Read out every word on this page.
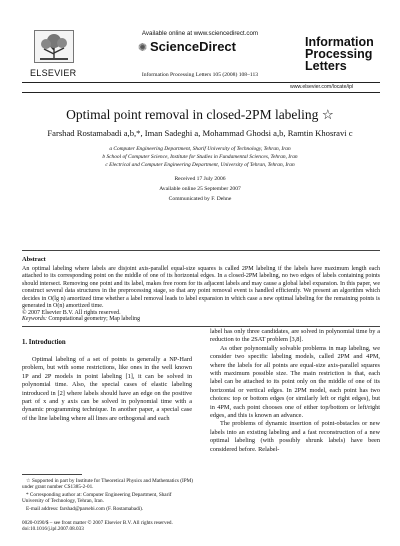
ELSEVIER
Available online at www.sciencedirect.com
✺ ScienceDirect
Information Processing Letters 105 (2008) 108–113
Information
Processing
Letters
www.elsevier.com/locate/ipl
Optimal point removal in closed-2PM labeling ☆
Farshad Rostamabadi a,b,*, Iman Sadeghi a, Mohammad Ghodsi a,b, Ramtin Khosravi c
a Computer Engineering Department, Sharif University of Technology, Tehran, Iran
b School of Computer Science, Institute for Studies in Fundamental Sciences, Tehran, Iran
c Electrical and Computer Engineering Department, University of Tehran, Tehran, Iran
Received 17 July 2006
Available online 25 September 2007
Communicated by F. Dehne
Abstract
An optimal labeling where labels are disjoint axis-parallel equal-size squares is called 2PM labeling if the labels have maximum length each attached to its corresponding point on the middle of one of its horizontal edges. In a closed-2PM labeling, no two edges of labels containing points should intersect. Removing one point and its label, makes free room for its adjacent labels and may cause a global label expansion. In this paper, we construct several data structures in the preprocessing stage, so that any point removal event is handled efficiently. We present an algorithm which decides in O(lg n) amortized time whether a label removal leads to label expansion in which case a new optimal labeling for the remaining points is generated in O(n) amortized time.
© 2007 Elsevier B.V. All rights reserved.
Keywords: Computational geometry; Map labeling
1. Introduction

Optimal labeling of a set of points is generally a NP-Hard problem, but with some restrictions, like ones in the well known 1P and 2P models in point labeling [1], it can be solved in polynomial time. Also, the special cases of elastic labeling introduced in [2] where labels should have an edge on the positive part of x and y axis can be solved in polynomial time with a dynamic programming technique. In another paper, a special case of the line labeling where all lines are orthogonal and each

label has only three candidates, are solved in polynomial time by a reduction to the 2SAT problem [3,8].

As other polynomially solvable problems in map labeling, we consider two specific labeling models, called 2PM and 4PM, where the labels for all points are equal-size axis-parallel squares with maximum possible size. The main restriction is that, each label can be attached to its point only on the middle of one of its horizontal or vertical edges. In 2PM model, each point has two choices: top or bottom edges (or similarly left or right edges), but in 4PM, each point chooses one of either top/bottom or left/right edges, and this is known an advance.

The problems of dynamic insertion of point-obstacles or new labels into an existing labeling and a fast reconstruction of a new optimal labeling (with possibly shrunk labels) have been considered before. Relabel-

☆ Supported in part by Institute for Theoretical Physics and Mathematics (IPM) under grant number CS1385-2-01.

* Corresponding author at: Computer Engineering Department, Sharif University of Technology, Tehran, Iran.

E-mail address: farshad@parsebi.com (F. Rostamabadi).

0020-0190/$ – see front matter © 2007 Elsevier B.V. All rights reserved.
doi:10.1016/j.ipl.2007.08.033
